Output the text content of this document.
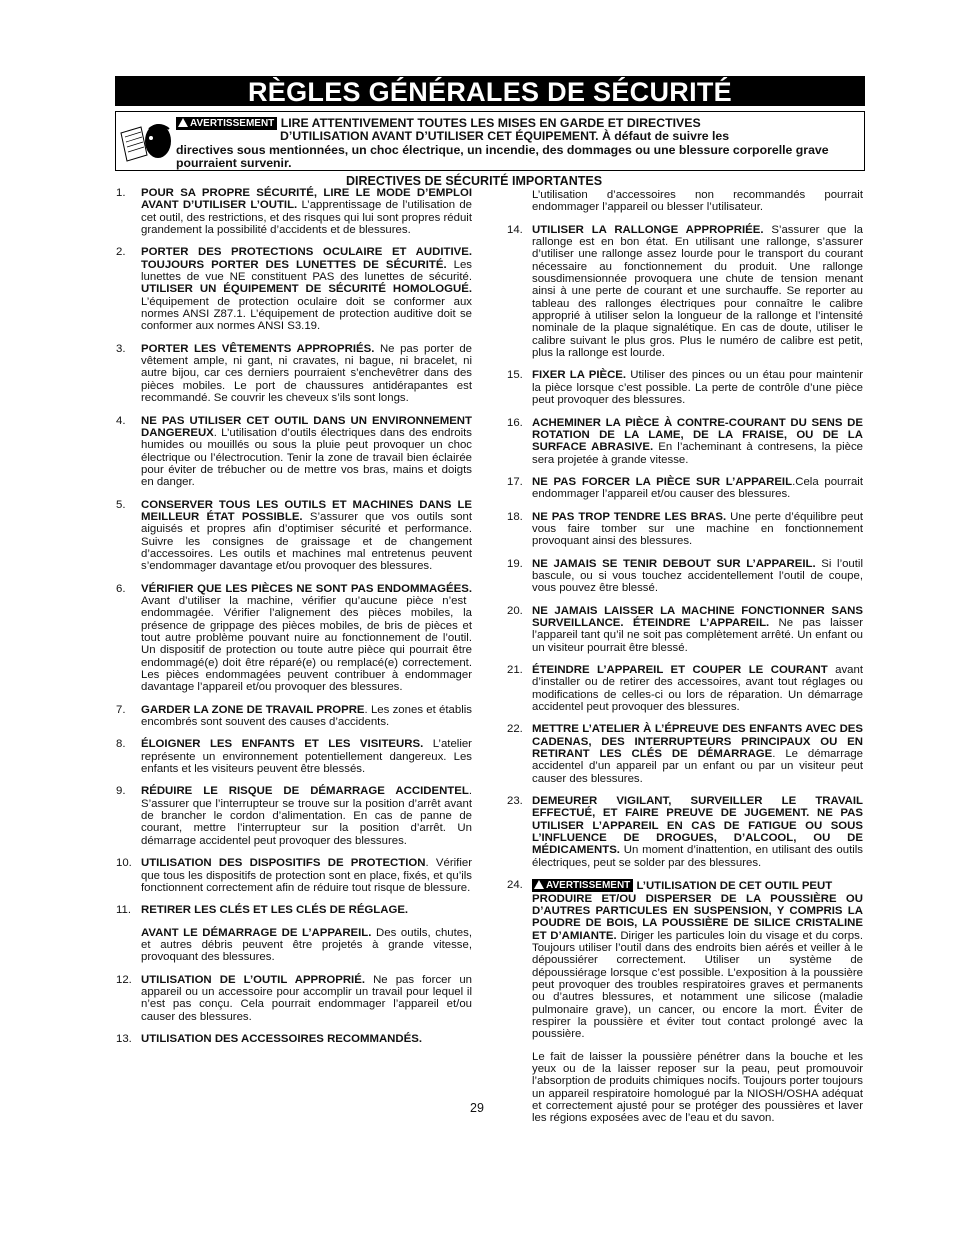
RÈGLES GÉNÉRALES DE SÉCURITÉ
AVERTISSEMENT LIRE ATTENTIVEMENT TOUTES LES MISES EN GARDE ET DIRECTIVES

D’UTILISATION AVANT D’UTILISER CET ÉQUIPEMENT. À défaut de suivre les
directives sous mentionnées, un choc électrique, un incendie, des dommages ou une blessure corporelle grave pourraient survenir.
DIRECTIVES DE SÉCURITÉ IMPORTANTES
1. POUR SA PROPRE SÉCURITÉ, LIRE LE MODE D’EMPLOI AVANT D’UTILISER L’OUTIL. L’apprentissage de l’utilisation de cet outil, des restrictions, et des risques qui lui sont propres réduit grandement la possibilité d’accidents et de blessures.
2. PORTER DES PROTECTIONS OCULAIRE ET AUDITIVE. TOUJOURS PORTER DES LUNETTES DE SÉCURITÉ. Les lunettes de vue NE constituent PAS des lunettes de sécurité. UTILISER UN ÉQUIPEMENT DE SÉCURITÉ HOMOLOGUÉ. L’équipement de protection oculaire doit se conformer aux normes ANSI Z87.1. L’équipement de protection auditive doit se conformer aux normes ANSI S3.19.
3. PORTER LES VÊTEMENTS APPROPRIÉS. Ne pas porter de vêtement ample, ni gant, ni cravates, ni bague, ni bracelet, ni autre bijou, car ces derniers pourraient s’enchevêtrer dans des pièces mobiles. Le port de chaussures antidérapantes est recommandé. Se couvrir les cheveux s’ils sont longs.
4. NE PAS UTILISER CET OUTIL DANS UN ENVIRONNEMENT DANGEREUX. L’utilisation d’outils électriques dans des endroits humides ou mouillés ou sous la pluie peut provoquer un choc électrique ou l’électrocution. Tenir la zone de travail bien éclairée pour éviter de trébucher ou de mettre vos bras, mains et doigts en danger.
5. CONSERVER TOUS LES OUTILS ET MACHINES DANS LE MEILLEUR ÉTAT POSSIBLE. S’assurer que vos outils sont aiguisés et propres afin d’optimiser sécurité et performance. Suivre les consignes de graissage et de changement d’accessoires. Les outils et machines mal entretenus peuvent s’endommager davantage et/ou provoquer des blessures.
6. VÉRIFIER QUE LES PIÈCES NE SONT PAS ENDOMMAGÉES. Avant d’utiliser la machine, vérifier qu’aucune pièce n’est endommagée. Vérifier l’alignement des pièces mobiles, la présence de grippage des pièces mobiles, de bris de pièces et tout autre problème pouvant nuire au fonctionnement de l’outil. Un dispositif de protection ou toute autre pièce qui pourrait être endommagé(e) doit être réparé(e) ou remplacé(e) correctement. Les pièces endommagées peuvent contribuer à endommager davantage l’appareil et/ou provoquer des blessures.
7. GARDER LA ZONE DE TRAVAIL PROPRE. Les zones et établis encombrés sont souvent des causes d’accidents.
8. ÉLOIGNER LES ENFANTS ET LES VISITEURS. L’atelier représente un environnement potentiellement dangereux. Les enfants et les visiteurs peuvent être blessés.
9. RÉDUIRE LE RISQUE DE DÉMARRAGE ACCIDENTEL. S’assurer que l’interrupteur se trouve sur la position d’arrêt avant de brancher le cordon d’alimentation. En cas de panne de courant, mettre l’interrupteur sur la position d’arrêt. Un démarrage accidentel peut provoquer des blessures.
10. UTILISATION DES DISPOSITIFS DE PROTECTION. Vérifier que tous les dispositifs de protection sont en place, fixés, et qu’ils fonctionnent correctement afin de réduire tout risque de blessure.
11. RETIRER LES CLÉS ET LES CLÉS DE RÉGLAGE.
AVANT LE DÉMARRAGE DE L’APPAREIL. Des outils, chutes, et autres débris peuvent être projetés à grande vitesse, provoquant des blessures.
12. UTILISATION DE L’OUTIL APPROPRIÉ. Ne pas forcer un appareil ou un accessoire pour accomplir un travail pour lequel il n’est pas conçu. Cela pourrait endommager l’appareil et/ou causer des blessures.
13. UTILISATION DES ACCESSOIRES RECOMMANDÉS.
L’utilisation d’accessoires non recommandés pourrait endommager l’appareil ou blesser l’utilisateur.
14. UTILISER LA RALLONGE APPROPRIÉE. S’assurer que la rallonge est en bon état. En utilisant une rallonge, s’assurer d’utiliser une rallonge assez lourde pour le transport du courant nécessaire au fonctionnement du produit. Une rallonge sousdimensionnée provoquera une chute de tension menant ainsi à une perte de courant et une surchauffe. Se reporter au tableau des rallonges électriques pour connaître le calibre approprié à utiliser selon la longueur de la rallonge et l’intensité nominale de la plaque signalétique. En cas de doute, utiliser le calibre suivant le plus gros. Plus le numéro de calibre est petit, plus la rallonge est lourde.
15. FIXER LA PIÈCE. Utiliser des pinces ou un étau pour maintenir la pièce lorsque c’est possible. La perte de contrôle d’une pièce peut provoquer des blessures.
16. ACHEMINER LA PIÈCE À CONTRE-COURANT DU SENS DE ROTATION DE LA LAME, DE LA FRAISE, OU DE LA SURFACE ABRASIVE. En l’acheminant à contresens, la pièce sera projetée à grande vitesse.
17. NE PAS FORCER LA PIÈCE SUR L’APPAREIL.Cela pourrait endommager l’appareil et/ou causer des blessures.
18. NE PAS TROP TENDRE LES BRAS. Une perte d’équilibre peut vous faire tomber sur une machine en fonctionnement provoquant ainsi des blessures.
19. NE JAMAIS SE TENIR DEBOUT SUR L’APPAREIL. Si l’outil bascule, ou si vous touchez accidentellement l’outil de coupe, vous pouvez être blessé.
20. NE JAMAIS LAISSER LA MACHINE FONCTIONNER SANS SURVEILLANCE. ÉTEINDRE L’APPAREIL. Ne pas laisser l’appareil tant qu’il ne soit pas complètement arrêté. Un enfant ou un visiteur pourrait être blessé.
21. ÉTEINDRE L’APPAREIL ET COUPER LE COURANT avant d’installer ou de retirer des accessoires, avant tout réglages ou modifications de celles-ci ou lors de réparation. Un démarrage accidentel peut provoquer des blessures.
22. METTRE L’ATELIER À L’ÉPREUVE DES ENFANTS AVEC DES CADENAS, DES INTERRUPTEURS PRINCIPAUX OU EN RETIRANT LES CLÉS DE DÉMARRAGE. Le démarrage accidentel d’un appareil par un enfant ou par un visiteur peut causer des blessures.
23. DEMEURER VIGILANT, SURVEILLER LE TRAVAIL EFFECTUÉ, ET FAIRE PREUVE DE JUGEMENT. NE PAS UTILISER L’APPAREIL EN CAS DE FATIGUE OU SOUS L’INFLUENCE DE DROGUES, D’ALCOOL, OU DE MÉDICAMENTS. Un moment d’inattention, en utilisant des outils électriques, peut se solder par des blessures.
24. AVERTISSEMENT L’UTILISATION DE CET OUTIL PEUT
PRODUIRE ET/OU DISPERSER DE LA POUSSIÈRE OU D’AUTRES PARTICULES EN SUSPENSION, Y COMPRIS LA POUDRE DE BOIS, LA POUSSIÈRE DE SILICE CRISTALINE ET D’AMIANTE. Diriger les particules loin du visage et du corps. Toujours utiliser l’outil dans des endroits bien aérés et veiller à le dépoussiérer correctement. Utiliser un système de dépoussiérage lorsque c’est possible. L’exposition à la poussière peut provoquer des troubles respiratoires graves et permanents ou d’autres blessures, et notamment une silicose (maladie pulmonaire grave), un cancer, ou encore la mort. Éviter de respirer la poussière et éviter tout contact prolongé avec la poussière.
Le fait de laisser la poussière pénétrer dans la bouche et les yeux ou de la laisser reposer sur la peau, peut promouvoir l’absorption de produits chimiques nocifs. Toujours porter toujours un appareil respiratoire homologué par la NIOSH/OSHA adéquat et correctement ajusté pour se protéger des poussières et laver les régions exposées avec de l’eau et du savon.
29
